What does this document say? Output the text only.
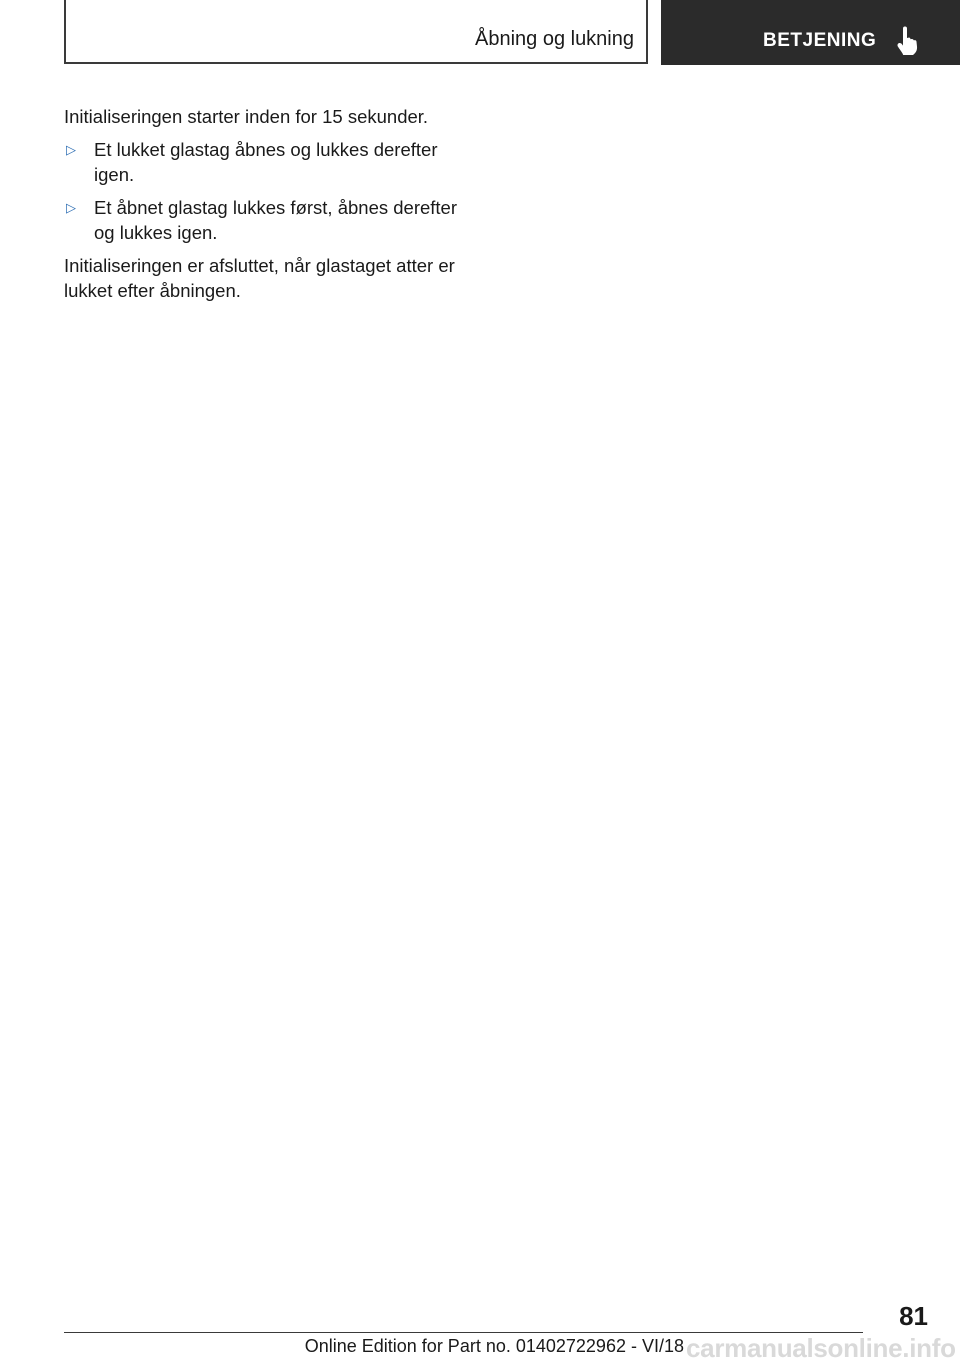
Åbning og lukning	BETJENING

Initialiseringen starter inden for 15 sekunder.

▷ Et lukket glastag åbnes og lukkes derefter igen.
▷ Et åbnet glastag lukkes først, åbnes derefter og lukkes igen.

Initialiseringen er afsluttet, når glastaget atter er lukket efter åbningen.

81
Online Edition for Part no. 01402722962 - VI/18 carmanualsonline.info
